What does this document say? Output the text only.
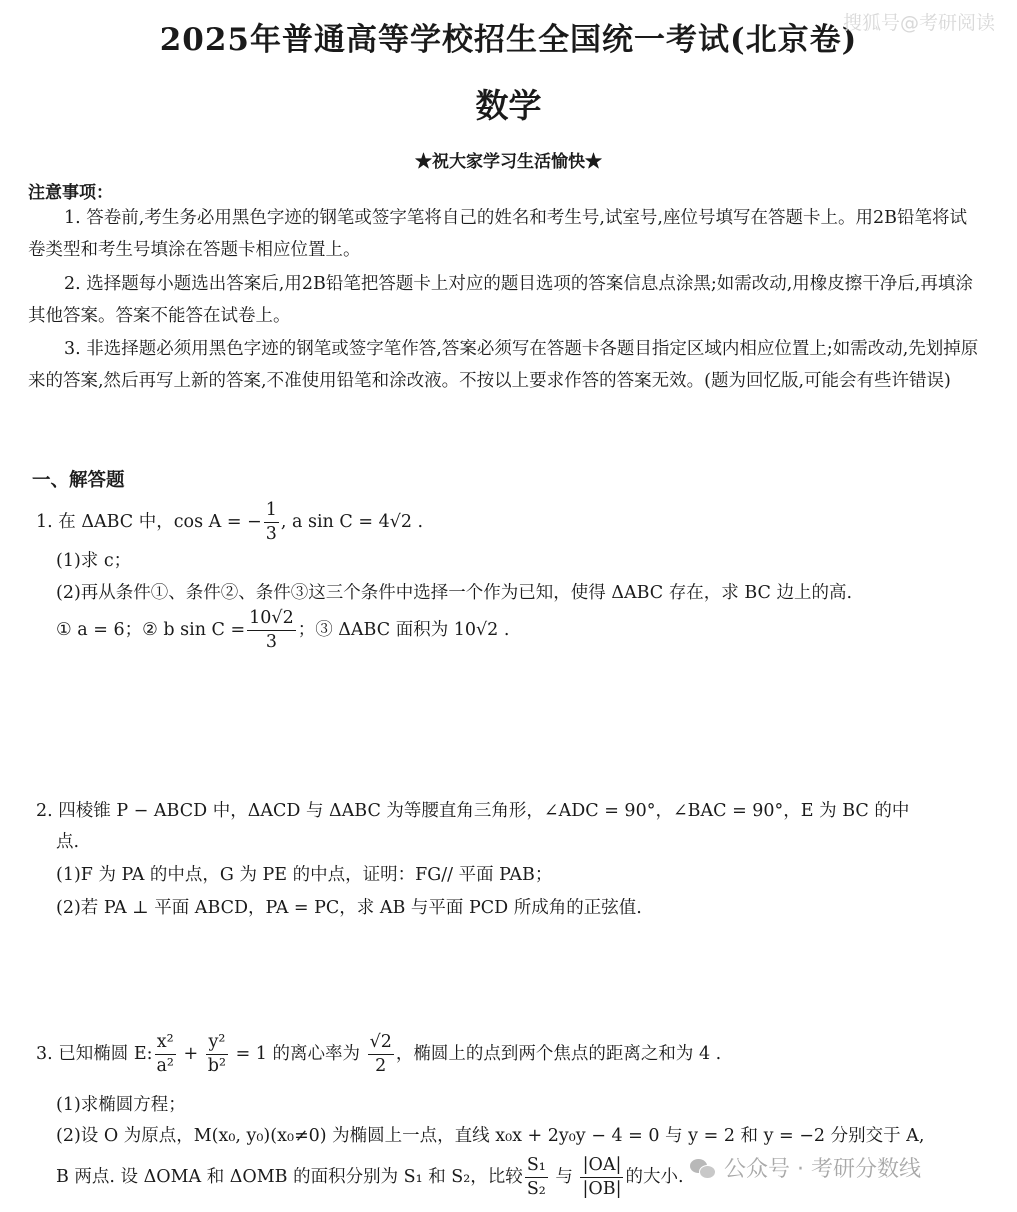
2025年普通高等学校招生全国统一考试(北京卷)
搜狐号@考研阅读
数学
★祝大家学习生活愉快★
注意事项：
1. 答卷前,考生务必用黑色字迹的钢笔或签字笔将自己的姓名和考生号,试室号,座位号填写在答题卡上。用2B铅笔将试卷类型和考生号填涂在答题卡相应位置上。
2. 选择题每小题选出答案后,用2B铅笔把答题卡上对应的题目选项的答案信息点涂黑;如需改动,用橡皮擦干净后,再填涂其他答案。答案不能答在试卷上。
3. 非选择题必须用黑色字迹的钢笔或签字笔作答,答案必须写在答题卡各题目指定区域内相应位置上;如需改动,先划掉原来的答案,然后再写上新的答案,不准使用铅笔和涂改液。不按以上要求作答的答案无效。(题为回忆版,可能会有些许错误)
一、解答题
1. 在 ΔABC 中，cos A = − $\frac{1}{3}$ , a sin C = 4√2 .
(1)求 c；
(2)再从条件①、条件②、条件③这三个条件中选择一个作为已知，使得 ΔABC 存在，求 BC 边上的高.
① a = 6；② b $\sin C = \frac{10√2}{3}$ ；③ ΔABC 面积为 10√2 .
2. 四棱锥 P − ABCD 中，ΔACD 与 ΔABC 为等腰直角三角形，∠ADC = 90°，∠BAC = 90°，E 为 BC 的中
点.
(1)F 为 PA 的中点，G 为 PE 的中点，证明：FG// 平面 PAB；
(2)若 PA ⊥ 平面 ABCD，PA = PC，求 AB 与平面 PCD 所成角的正弦值.
3. 已知椭圆 E: $\frac{\text{x²}}{\text{a²}} + \frac{\text{y²}}{\text{b²}} = 1$ 的离心率为 $\frac{√2}{2}$ ，椭圆上的点到两个焦点的距离之和为 4 .
(1)求椭圆方程；
(2)设 O 为原点，M(x₀, y₀)(x₀≠0) 为椭圆上一点，直线 x₀x + 2y₀y − 4 = 0 与 y = 2 和 y = −2 分别交于 A,
B 两点. 设 ΔOMA 和 ΔOMB 的面积分别为 S₁ 和 S₂，比较 $\frac{\text{S₁}}{\text{S₂}}$ 与 $\frac{|OA|}{|OB|}$ 的大小.	公众号 · 考研分数线
